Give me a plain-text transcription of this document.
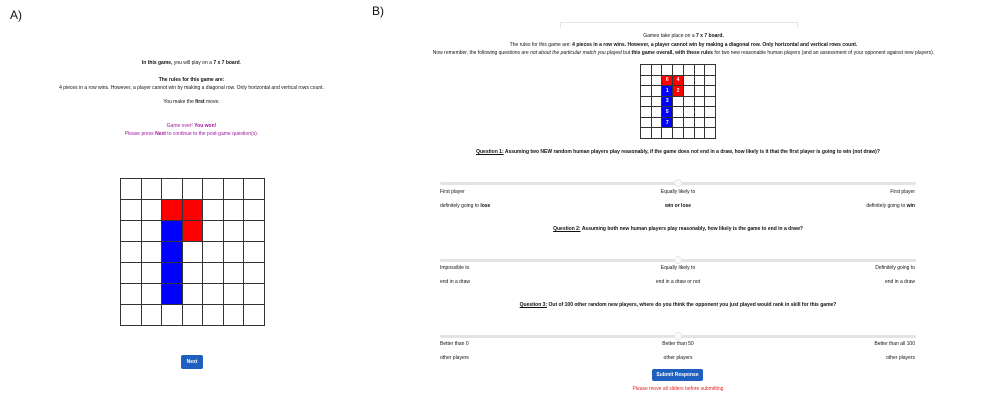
A)	B)
In this game, you will play on a 7 x 7 board.
The rules for this game are:
4 pieces in a row wins. However, a player cannot win by making a diagonal row. Only horizontal and vertical rows count.
You make the first move.
Game over! You won!
Please press Next to continue to the post-game question(s).
Next
Games take place on a 7 x 7 board.
The rules for this game are: 4 pieces in a row wins. However, a player cannot win by making a diagonal row. Only horizontal and vertical rows count.
Now remember, the following questions are not about the particular match you played but this game overall, with these rules for two new reasonable human players (and an assessment of your opponent against new players).
6	4
1	2
3
5
7
Question 1: Assuming two NEW random human players play reasonably, if the game does not end in a draw, how likely is it that the first player is going to win (not draw)?
First player
definitely going to lose
Equally likely to
win or lose
First player
definitely going to win
Question 2: Assuming both new human players play reasonably, how likely is the game to end in a draw?
Impossible to
end in a draw
Equally likely to
end in a draw or not
Definitely going to
end in a draw
Question 3: Out of 100 other random new players, where do you think the opponent you just played would rank in skill for this game?
Better than 0
other players
Better than 50
other players
Better than all 100
other players
Submit Response
Please move all sliders before submitting
